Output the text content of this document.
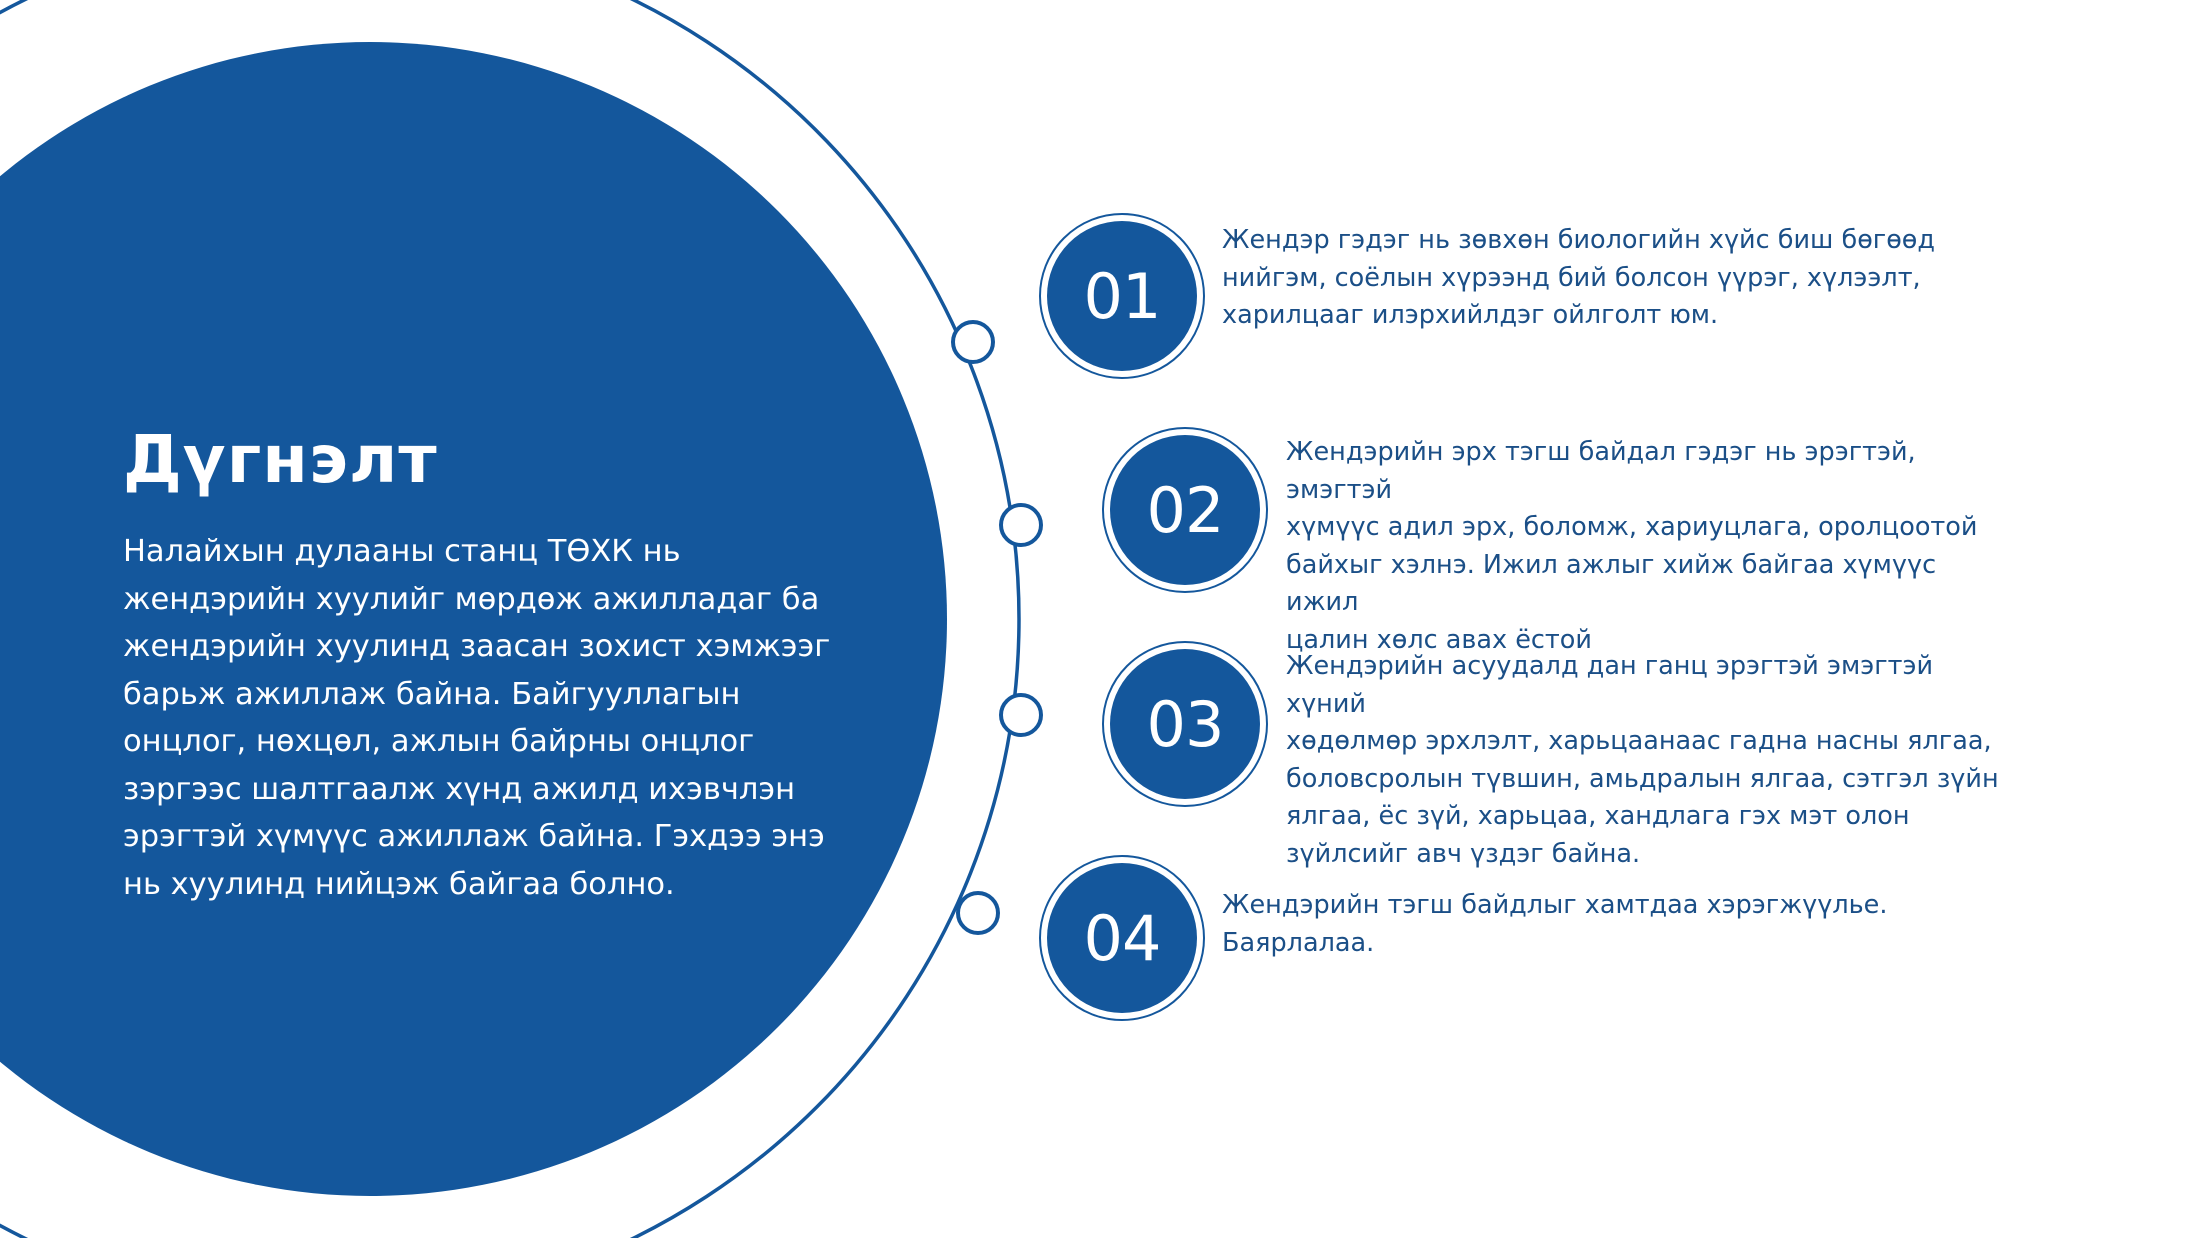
Дүгнэлт

Налайхын дулааны станц ТӨХК нь
жендэрийн хуулийг мөрдөж ажилладаг ба
жендэрийн хуулинд заасан зохист хэмжээг
барьж ажиллаж байна. Байгууллагын
онцлог, нөхцөл, ажлын байрны онцлог
зэргээс шалтгаалж хүнд ажилд ихэвчлэн
эрэгтэй хүмүүс ажиллаж байна. Гэхдээ энэ
нь хуулинд нийцэж байгаа болно.

01
Жендэр гэдэг нь зөвхөн биологийн хүйс биш бөгөөд
нийгэм, соёлын хүрээнд бий болсон үүрэг, хүлээлт,
харилцааг илэрхийлдэг ойлголт юм.
02
Жендэрийн эрх тэгш байдал гэдэг нь эрэгтэй, эмэгтэй
хүмүүс адил эрх, боломж, хариуцлага, оролцоотой
байхыг хэлнэ. Ижил ажлыг хийж байгаа хүмүүс ижил
цалин хөлс авах ёстой
03
Жендэрийн асуудалд дан ганц эрэгтэй эмэгтэй хүний
хөдөлмөр эрхлэлт, харьцаанаас гадна насны ялгаа,
боловсролын түвшин, амьдралын ялгаа, сэтгэл зүйн
ялгаа, ёс зүй, харьцаа, хандлага гэх мэт олон
зүйлсийг авч үздэг байна.
04	Жендэрийн тэгш байдлыг хамтдаа хэрэгжүүлье.
Баярлалаа.
